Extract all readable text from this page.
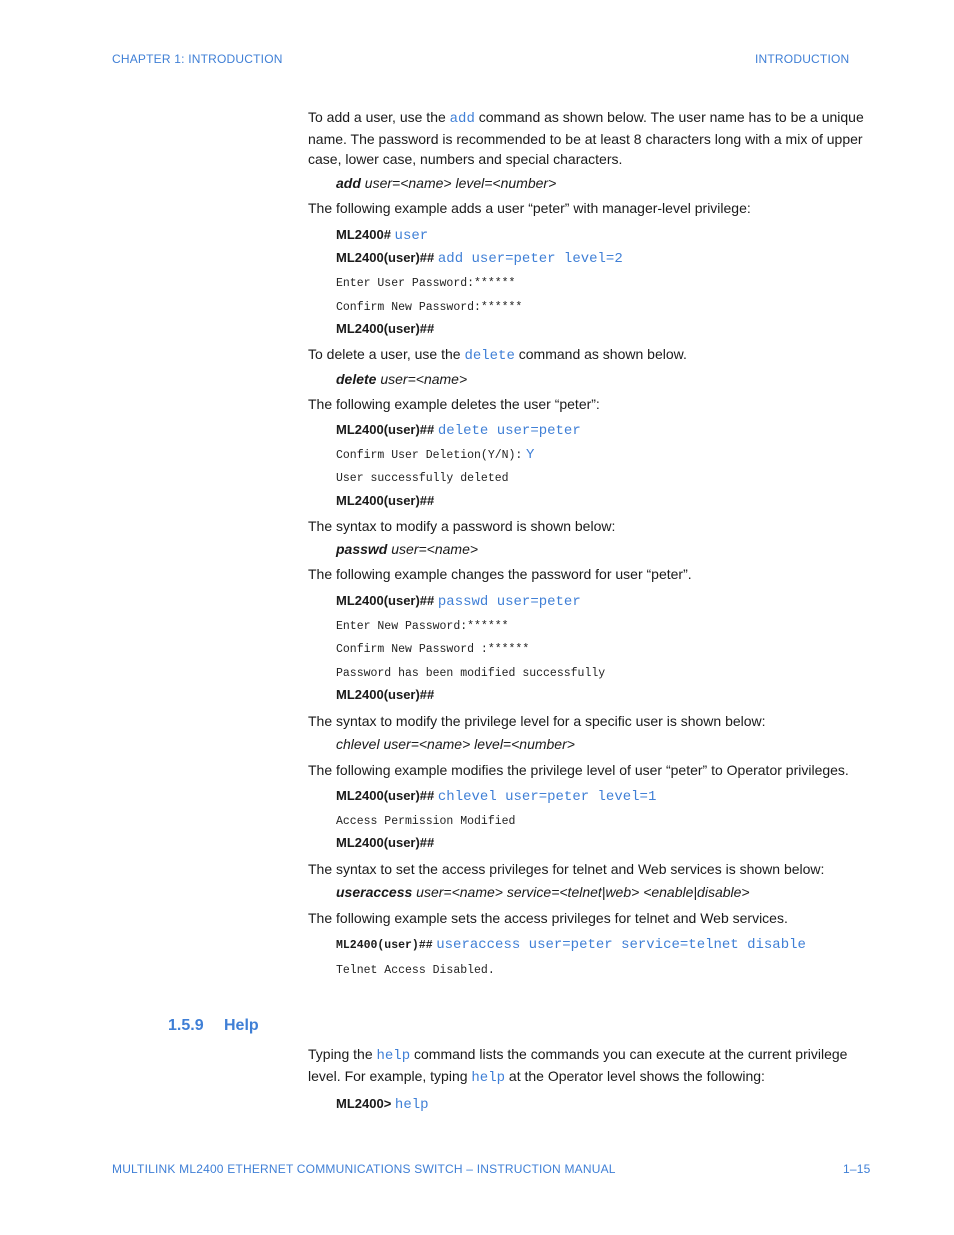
CHAPTER 1: INTRODUCTION	INTRODUCTION

To add a user, use the add command as shown below. The user name has to be a unique name. The password is recommended to be at least 8 characters long with a mix of upper case, lower case, numbers and special characters.

add user=<name> level=<number>

The following example adds a user “peter” with manager-level privilege:

ML2400# user
ML2400(user)## add user=peter level=2
Enter User Password:******
Confirm New Password:******
ML2400(user)##

To delete a user, use the delete command as shown below.

delete user=<name>

The following example deletes the user “peter”:

ML2400(user)## delete user=peter
Confirm User Deletion(Y/N): Y
User successfully deleted
ML2400(user)##

The syntax to modify a password is shown below:

passwd user=<name>

The following example changes the password for user “peter”.

ML2400(user)## passwd user=peter
Enter New Password:******
Confirm New Password :******
Password has been modified successfully
ML2400(user)##

The syntax to modify the privilege level for a specific user is shown below:

chlevel user=<name> level=<number>

The following example modifies the privilege level of user “peter” to Operator privileges.

ML2400(user)## chlevel user=peter level=1
Access Permission Modified
ML2400(user)##

The syntax to set the access privileges for telnet and Web services is shown below:

useraccess user=<name> service=<telnet|web> <enable|disable>

The following example sets the access privileges for telnet and Web services.

ML2400(user)## useraccess user=peter service=telnet disable
Telnet Access Disabled.
1.5.9 Help

Typing the help command lists the commands you can execute at the current privilege level. For example, typing help at the Operator level shows the following:

ML2400> help
MULTILINK ML2400 ETHERNET COMMUNICATIONS SWITCH – INSTRUCTION MANUAL	1–15
